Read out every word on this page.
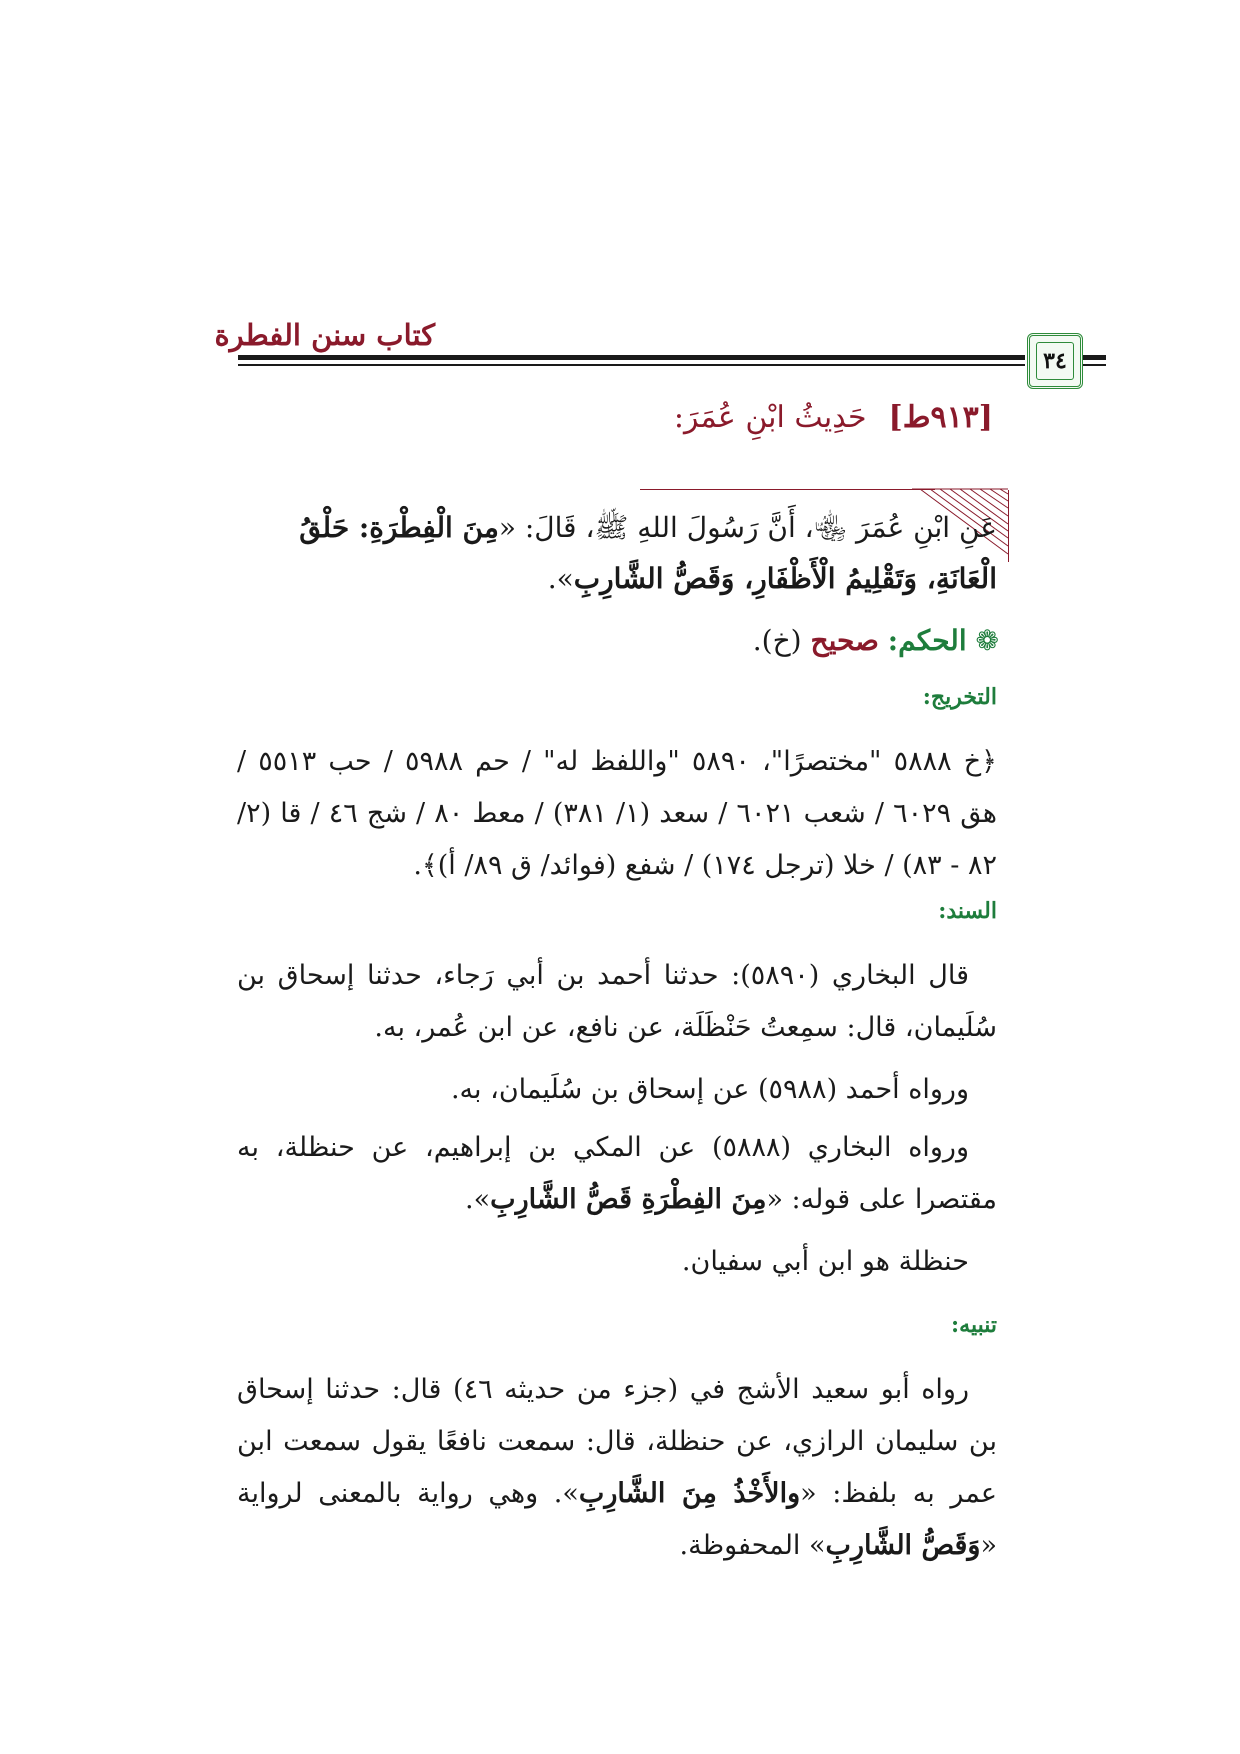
كتاب سنن الفطرة
٣٤
[٩١٣ط]حَدِيثُ ابْنِ عُمَرَ:
عَنِ ابْنِ عُمَرَ ﵄، أَنَّ رَسُولَ اللهِ ﷺ، قَالَ: «مِنَ الْفِطْرَةِ: حَلْقُ الْعَانَةِ، وَتَقْلِيمُ الْأَظْفَارِ، وَقَصُّ الشَّارِبِ».
❁ الحكم: صحيح (خ).
التخريج:
﴿خ ٥٨٨٨ "مختصرًا"، ٥٨٩٠ "واللفظ له" / حم ٥٩٨٨ / حب ٥٥١٣ / هق ٦٠٢٩ / شعب ٦٠٢١ / سعد (١/ ٣٨١) / معط ٨٠ / شج ٤٦ / قا (٢/ ٨٢ - ٨٣) / خلا (ترجل ١٧٤) / شفع (فوائد/ ق ٨٩/ أ)﴾.
السند:
قال البخاري (٥٨٩٠): حدثنا أحمد بن أبي رَجاء، حدثنا إسحاق بن سُلَيمان، قال: سمِعتُ حَنْظَلَة، عن نافع، عن ابن عُمر، به.
ورواه أحمد (٥٩٨٨) عن إسحاق بن سُلَيمان، به.
ورواه البخاري (٥٨٨٨) عن المكي بن إبراهيم، عن حنظلة، به مقتصرا على قوله: «مِنَ الفِطْرَةِ قَصُّ الشَّارِبِ».
حنظلة هو ابن أبي سفيان.
تنبيه:
رواه أبو سعيد الأشج في (جزء من حديثه ٤٦) قال: حدثنا إسحاق بن سليمان الرازي، عن حنظلة، قال: سمعت نافعًا يقول سمعت ابن عمر به بلفظ: «والأَخْذُ مِنَ الشَّارِبِ». وهي رواية بالمعنى لرواية «وَقَصُّ الشَّارِبِ» المحفوظة.
